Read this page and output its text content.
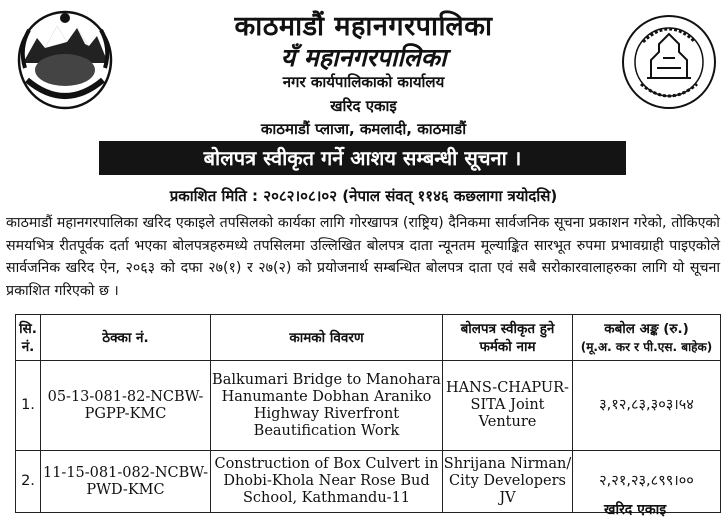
काठमाडौं महानगरपालिका
यँ महानगरपालिका
नगर कार्यपालिकाको कार्यालय
खरिद एकाइ
काठमाडौं प्लाजा, कमलादी, काठमाडौं
बोलपत्र स्वीकृत गर्ने आशय सम्बन्धी सूचना ।
प्रकाशित मिति : २०८२।०८।०२ (नेपाल संवत् ११४६ कछलागा त्रयोदसि)
काठमाडौं महानगरपालिका खरिद एकाइले तपसिलको कार्यका लागि गोरखापत्र (राष्ट्रिय) दैनिकमा सार्वजनिक सूचना प्रकाशन गरेको, तोकिएको समयभित्र रीतपूर्वक दर्ता भएका बोलपत्रहरुमध्ये तपसिलमा उल्लिखित बोलपत्र दाता न्यूनतम मूल्याङ्कित सारभूत रुपमा प्रभावग्राही पाइएकोले सार्वजनिक खरिद ऐन, २०६३ को दफा २७(१) र २७(२) को प्रयोजनार्थ सम्बन्धित बोलपत्र दाता एवं सबै सरोकारवालाहरुका लागि यो सूचना प्रकाशित गरिएको छ ।
सि. नं.	ठेक्का नं.	कामको विवरण	बोलपत्र स्वीकृत हुने फर्मको नाम	कबोल अङ्क (रु.)
(मू.अ. कर र पी.एस. बाहेक)

1.	05-13-081-82-NCBW-PGPP-KMC	Balkumari Bridge to Manohara Hanumante Dobhan Araniko Highway Riverfront Beautification Work	HANS-CHAPUR-SITA Joint Venture	३,१२,८३,३०३।५४
2.	11-15-081-082-NCBW-PWD-KMC	Construction of Box Culvert in Dhobi-Khola Near Rose Bud School, Kathmandu-11	Shrijana Nirman/ City Developers JV	२,२१,२३,८९९।००
खरिद एकाइ
